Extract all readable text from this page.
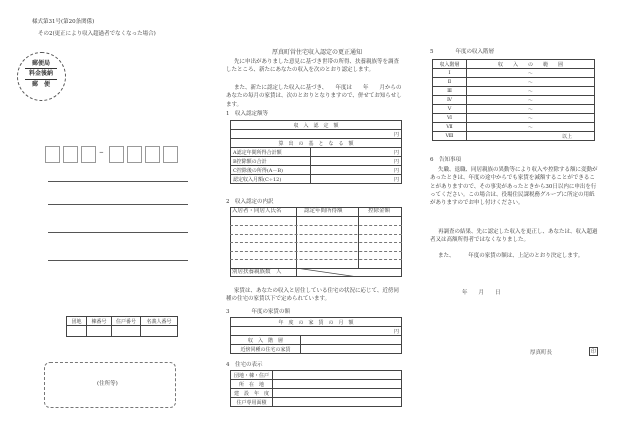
様式第31号(第20条関係)
その2(更正により収入超過者でなくなった場合)
郵便局
料金後納
郵　便
-
団地	棟番号	住戸番号	名義人番号

(住所等)
厚真町営住宅収入認定の更正通知
先に申出がありました意見に基づき世帯の所得、扶養親族等を調査したところ、新たにあなたの収入を次のとおり認定します。
また、新たに認定した収入に基づき、　　年度は　　年　　月からのあなたの毎月の家賃は、次のとおりとなりますので、併せてお知らせします。
1　収入認定額等
収　入　認　定　額	
円	
算　出　の　基　と　な　る　額	
A認定年間所得合計額	円
B控除額の合計	円
C控除後の所得(A－B)	円
認定収入月額(C÷12)	円
2　収入認定の内訳
入居者・同居人氏名	認定年間所得額	控除金額
別居扶養親族数　人
家賃は、あなたの収入と居住している住宅の状況に応じて、近傍同種の住宅の家賃以下で定められています。
3　　　　年度の家賃の額
年　度　の　家　賃　の　月　額	
円	
収　入　階　層	
近傍同種の住宅の家賃	
4　住宅の表示
団地・棟・住戸	
所　在　地	
建　設　年　度	
住戸専用面積	
5　　　　年度の収入階層
収入階層	収　　入　　の　　範　　囲
Ⅰ	～
Ⅱ	～
Ⅲ	～
Ⅳ	～
Ⅴ	～
Ⅵ	～
Ⅶ	～
Ⅷ	以上
6　告知事項
失職、退職、同居親族の異動等により収入や控除する額に変動があったときは、年度の途中からでも家賃を減額することができることがありますので、その事実があったときから30日以内に申出を行ってください。この場合は、役場住民課税務グループに所定の用紙がありますのでお申し付けください。
再調査の結果、先に認定した収入を更正し、あなたは、収入超過者又は高額所得者ではなくなりました。
また、　　　年度の家賃の額は、上記のとおり決定します。
年　　月　　日
厚真町長	印
